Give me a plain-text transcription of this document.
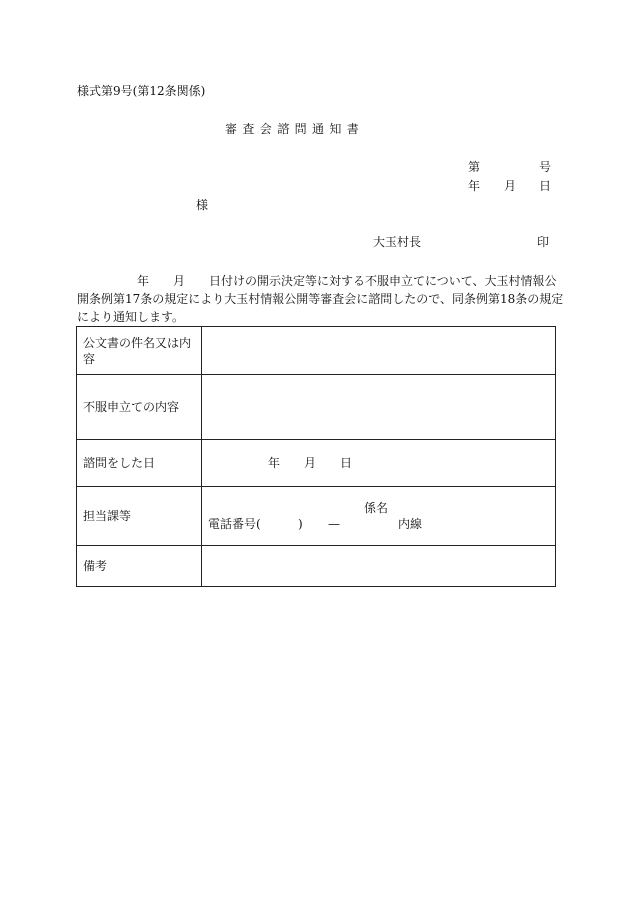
様式第9号(第12条関係)
審査会諮問通知書
第	号
年 月 日
様
大玉村長	印
年 月 日付けの開示決定等に対する不服申立てについて、大玉村情報公
開条例第17条の規定により大玉村情報公開等審査会に諮問したので、同条例第18条の規定
により通知します。
公文書の件名又は内容	
不服申立ての内容	
諮問をした日	年 月 日
担当課等	係名
電話番号( ) — 内線

備考	
